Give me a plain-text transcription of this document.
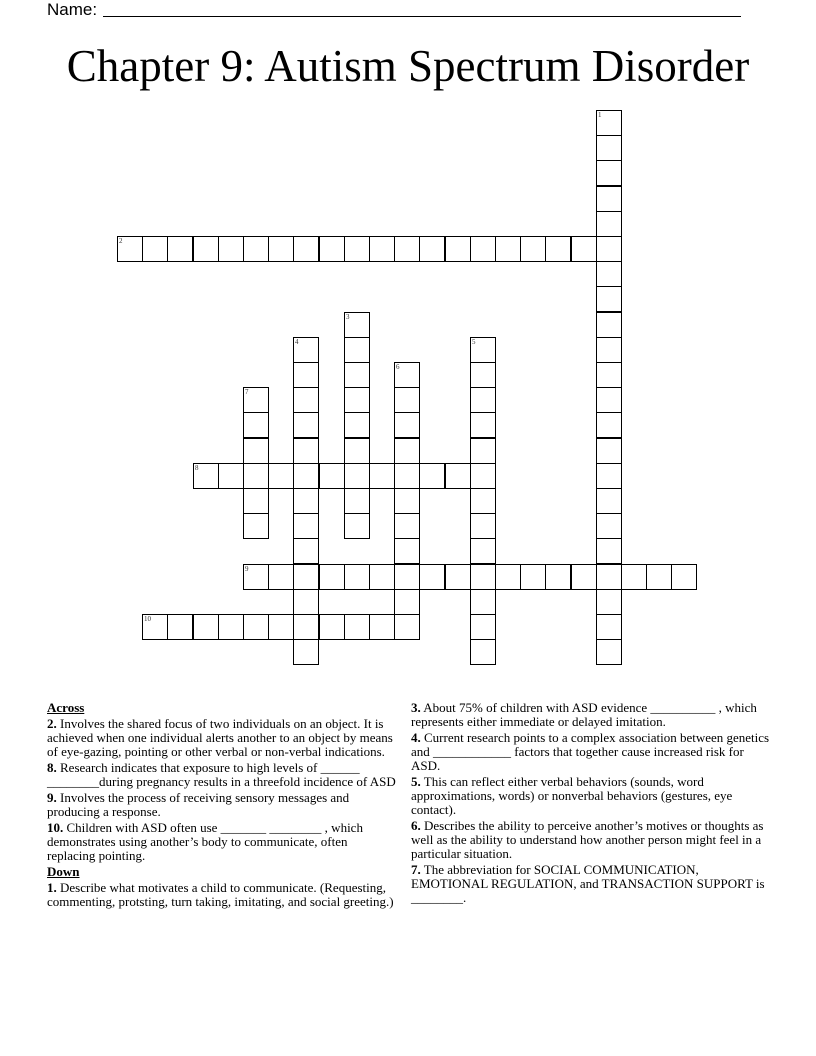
Name:
Chapter 9: Autism Spectrum Disorder
1
2
3
4	5
6
7
8
9
10
Across
2. Involves the shared focus of two individuals on an object. It is achieved when one individual alerts another to an object by means of eye-gazing, pointing or other verbal or non-verbal indications.
8. Research indicates that exposure to high levels of ______ ________during pregnancy results in a threefold incidence of ASD
9. Involves the process of receiving sensory messages and producing a response.
10. Children with ASD often use _______ ________ , which demonstrates using another’s body to communicate, often replacing pointing.
Down
1. Describe what motivates a child to communicate. (Requesting, commenting, protsting, turn taking, imitating, and social greeting.)
3. About 75% of children with ASD evidence __________ , which represents either immediate or delayed imitation.
4. Current research points to a complex association between genetics and ____________ factors that together cause increased risk for ASD.
5. This can reflect either verbal behaviors (sounds, word approximations, words) or nonverbal behaviors (gestures, eye contact).
6. Describes the ability to perceive another’s motives or thoughts as well as the ability to understand how another person might feel in a particular situation.
7. The abbreviation for SOCIAL COMMUNICATION, EMOTIONAL REGULATION, and TRANSACTION SUPPORT is ________.
